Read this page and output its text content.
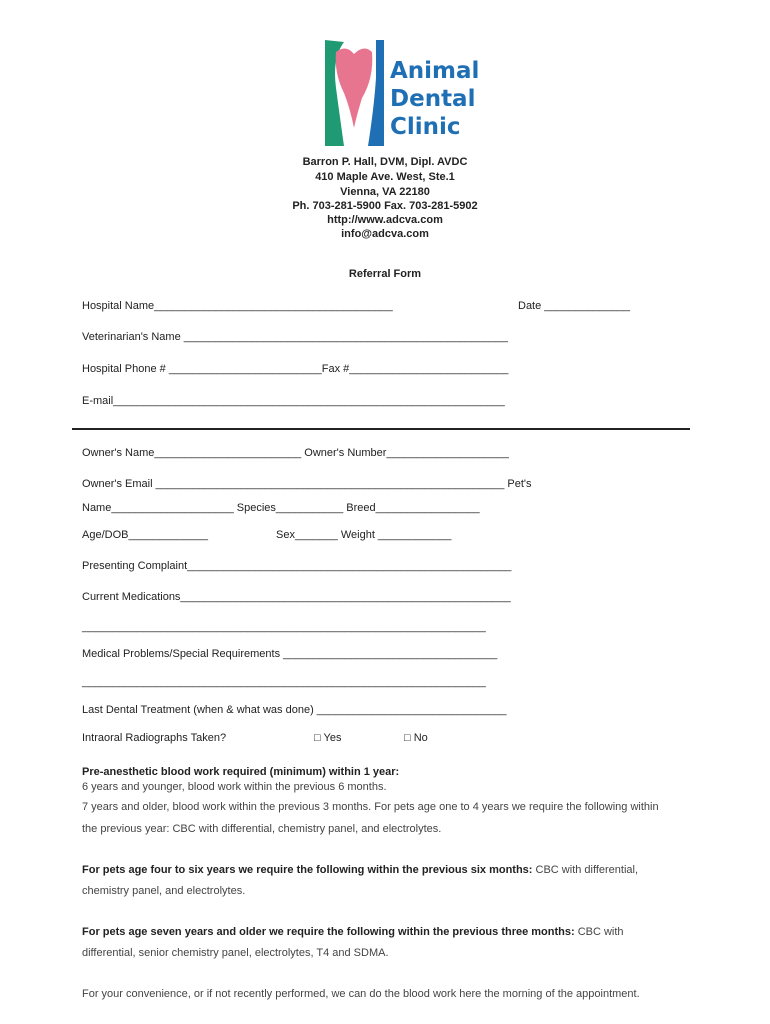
Animal
Dental
Clinic
Barron P. Hall, DVM, Dipl. AVDC
410 Maple Ave. West, Ste.1
Vienna, VA 22180
Ph. 703-281-5900 Fax. 703-281-5902
http://www.adcva.com
info@adcva.com
Referral Form
Hospital Name_______________________________________	Date ______________
Veterinarian's Name _____________________________________________________
Hospital Phone # _________________________Fax #__________________________
E-mail________________________________________________________________
Owner's Name________________________ Owner's Number____________________
Owner's Email _________________________________________________________ Pet's
Name____________________ Species___________ Breed_________________
Age/DOB_____________	Sex_______ Weight ____________
Presenting Complaint_____________________________________________________
Current Medications______________________________________________________
__________________________________________________________________
Medical Problems/Special Requirements ___________________________________
__________________________________________________________________
Last Dental Treatment (when & what was done) _______________________________
Intraoral Radiographs Taken?	□ Yes	□ No
Pre-anesthetic blood work required (minimum) within 1 year:
6 years and younger, blood work within the previous 6 months.
7 years and older, blood work within the previous 3 months. For pets age one to 4 years we require the following within
the previous year: CBC with differential, chemistry panel, and electrolytes.
For pets age four to six years we require the following within the previous six months: CBC with differential,
chemistry panel, and electrolytes.
For pets age seven years and older we require the following within the previous three months: CBC with
differential, senior chemistry panel, electrolytes, T4 and SDMA.
For your convenience, or if not recently performed, we can do the blood work here the morning of the appointment.
